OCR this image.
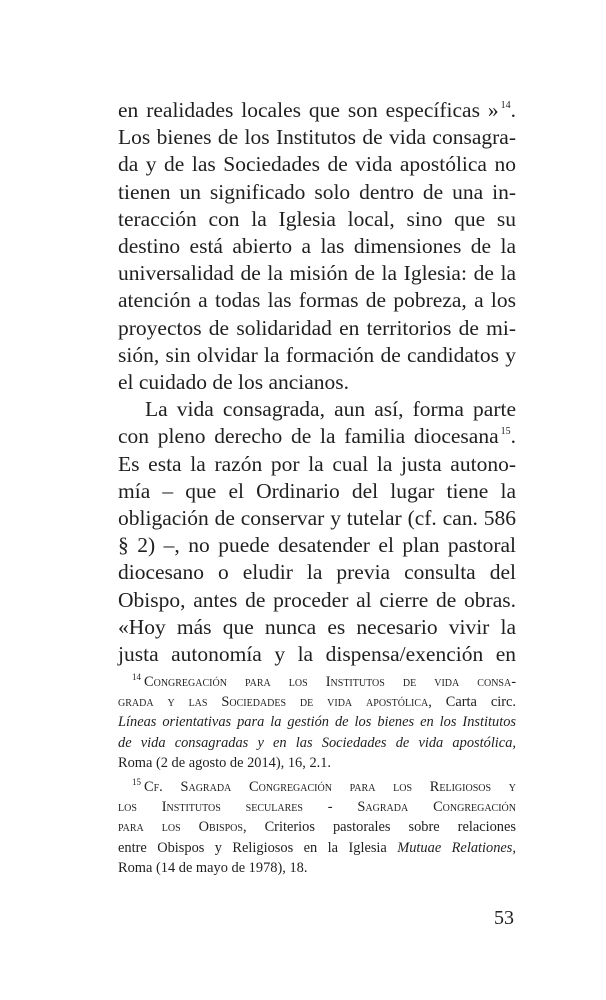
en realidades locales que son específicas » $^{14}$.
Los bienes de los Institutos de vida consagra-
da y de las Sociedades de vida apostólica no
tienen un significado solo dentro de una in-
teracción con la Iglesia local, sino que su
destino está abierto a las dimensiones de la
universalidad de la misión de la Iglesia: de la
atención a todas las formas de pobreza, a los
proyectos de solidaridad en territorios de mi-
sión, sin olvidar la formación de candidatos y
el cuidado de los ancianos.
La vida consagrada, aun así, forma parte
con pleno derecho de la familia diocesana $^{15}$.
Es esta la razón por la cual la justa autono-
mía – que el Ordinario del lugar tiene la
obligación de conservar y tutelar (cf. can. 586
§ 2) –, no puede desatender el plan pastoral
diocesano o eludir la previa consulta del
Obispo, antes de proceder al cierre de obras.
«Hoy más que nunca es necesario vivir la
justa autonomía y la dispensa/exención en
$^{14}$ Congregación para los Institutos de vida consa-
grada y las Sociedades de vida apostólica, Carta circ.
Líneas orientativas para la gestión de los bienes en los Institutos
de vida consagradas y en las Sociedades de vida apostólica,
Roma (2 de agosto de 2014), 16, 2.1.
$^{15}$ Cf. Sagrada Congregación para los Religiosos y
los Institutos seculares - Sagrada Congregación
para los Obispos, Criterios pastorales sobre relaciones
entre Obispos y Religiosos en la Iglesia Mutuae Relationes,
Roma (14 de mayo de 1978), 18.
53
